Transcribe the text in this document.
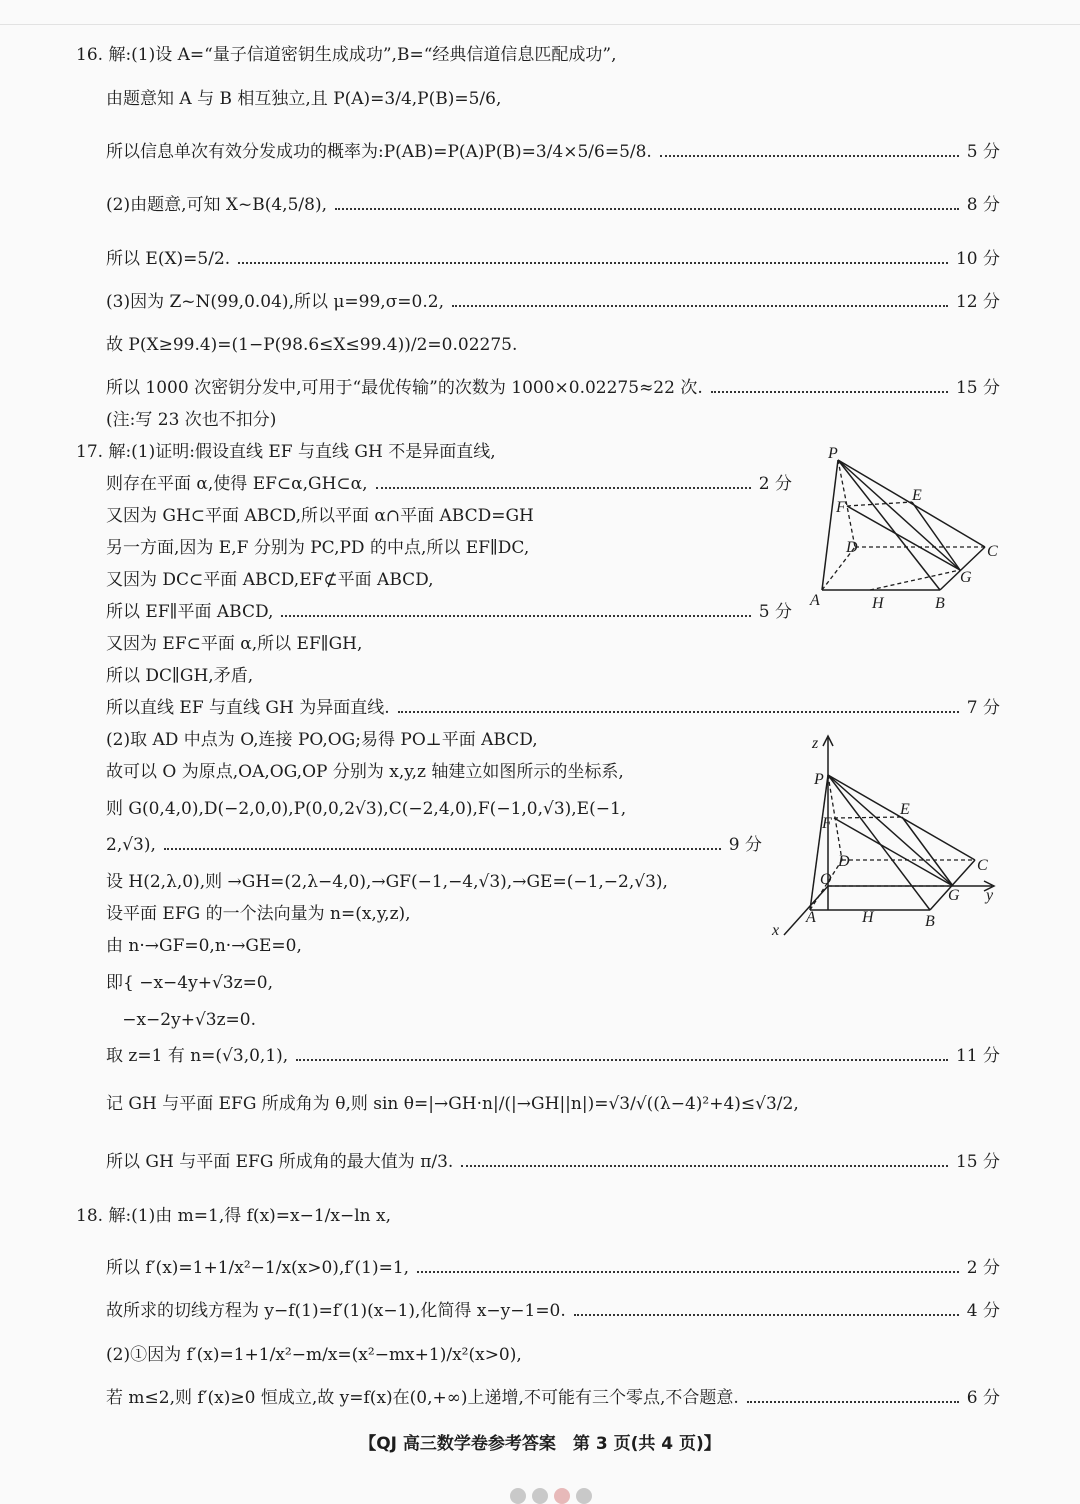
16. 解:(1)设 A=“量子信道密钥生成成功”,B=“经典信道信息匹配成功”,
由题意知 A 与 B 相互独立,且 P(A)=3/4,P(B)=5/6,
所以信息单次有效分发成功的概率为:P(AB)=P(A)P(B)=3/4×5/6=5/8.	5 分
(2)由题意,可知 X~B(4,5/8),	8 分
所以 E(X)=5/2.	10 分
(3)因为 Z~N(99,0.04),所以 μ=99,σ=0.2,	12 分
故 P(X≥99.4)=(1−P(98.6≤X≤99.4))/2=0.02275.
所以 1000 次密钥分发中,可用于“最优传输”的次数为 1000×0.02275≈22 次.	15 分
(注:写 23 次也不扣分)
17. 解:(1)证明:假设直线 EF 与直线 GH 不是异面直线,
则存在平面 α,使得 EF⊂α,GH⊂α,	2 分
又因为 GH⊂平面 ABCD,所以平面 α∩平面 ABCD=GH
另一方面,因为 E,F 分别为 PC,PD 的中点,所以 EF∥DC,
又因为 DC⊂平面 ABCD,EF⊄平面 ABCD,
所以 EF∥平面 ABCD,	5 分
又因为 EF⊂平面 α,所以 EF∥GH,
所以 DC∥GH,矛盾,
所以直线 EF 与直线 GH 为异面直线.	7 分
(2)取 AD 中点为 O,连接 PO,OG;易得 PO⊥平面 ABCD,
故可以 O 为原点,OA,OG,OP 分别为 x,y,z 轴建立如图所示的坐标系,
则 G(0,4,0),D(−2,0,0),P(0,0,2√3),C(−2,4,0),F(−1,0,√3),E(−1,
2,√3),	9 分
设 H(2,λ,0),则 →GH=(2,λ−4,0),→GF(−1,−4,√3),→GE=(−1,−2,√3),
设平面 EFG 的一个法向量为 n=(x,y,z),
由 n·→GF=0,n·→GE=0,
即{ −x−4y+√3z=0,
−x−2y+√3z=0.
取 z=1 有 n=(√3,0,1),	11 分
记 GH 与平面 EFG 所成角为 θ,则 sin θ=|→GH·n|/(|→GH||n|)=√3/√((λ−4)²+4)≤√3/2,
所以 GH 与平面 EFG 所成角的最大值为 π/3.	15 分
18. 解:(1)由 m=1,得 f(x)=x−1/x−ln x,
所以 f′(x)=1+1/x²−1/x(x>0),f′(1)=1,	2 分
故所求的切线方程为 y−f(1)=f′(1)(x−1),化简得 x−y−1=0.	4 分
(2)①因为 f′(x)=1+1/x²−m/x=(x²−mx+1)/x²(x>0),
若 m≤2,则 f′(x)≥0 恒成立,故 y=f(x)在(0,+∞)上递增,不可能有三个零点,不合题意.	6 分
P
E
F
D	C
G
A	H	B
z
P
E
F
D
O
C
G y
A	H	B
x
【QJ 高三数学卷参考答案　第 3 页(共 4 页)】
